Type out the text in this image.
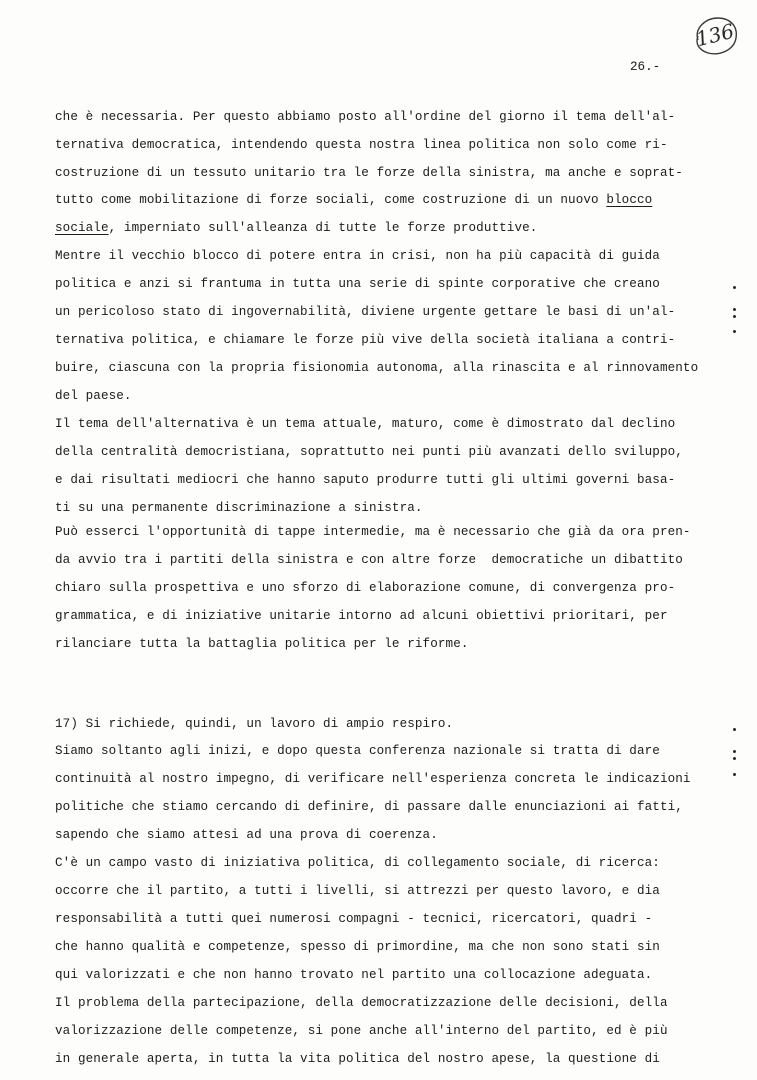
136
26.-
che è necessaria. Per questo abbiamo posto all'ordine del giorno il tema dell'al-
ternativa democratica, intendendo questa nostra linea politica non solo come ri-
costruzione di un tessuto unitario tra le forze della sinistra, ma anche e soprat-
tutto come mobilitazione di forze sociali, come costruzione di un nuovo blocco
sociale, imperniato sull'alleanza di tutte le forze produttive.
Mentre il vecchio blocco di potere entra in crisi, non ha più capacità di guida
politica e anzi si frantuma in tutta una serie di spinte corporative che creano
un pericoloso stato di ingovernabilità, diviene urgente gettare le basi di un'al-
ternativa politica, e chiamare le forze più vive della società italiana a contri-
buire, ciascuna con la propria fisionomia autonoma, alla rinascita e al rinnovamento
del paese.
Il tema dell'alternativa è un tema attuale, maturo, come è dimostrato dal declino
della centralità democristiana, soprattutto nei punti più avanzati dello sviluppo,
e dai risultati mediocri che hanno saputo produrre tutti gli ultimi governi basa-
ti su una permanente discriminazione a sinistra.
Può esserci l'opportunità di tappe intermedie, ma è necessario che già da ora pren-
da avvio tra i partiti della sinistra e con altre forze  democratiche un dibattito
chiaro sulla prospettiva e uno sforzo di elaborazione comune, di convergenza pro-
grammatica, e di iniziative unitarie intorno ad alcuni obiettivi prioritari, per
rilanciare tutta la battaglia politica per le riforme.
17) Si richiede, quindi, un lavoro di ampio respiro.
Siamo soltanto agli inizi, e dopo questa conferenza nazionale si tratta di dare
continuità al nostro impegno, di verificare nell'esperienza concreta le indicazioni
politiche che stiamo cercando di definire, di passare dalle enunciazioni ai fatti,
sapendo che siamo attesi ad una prova di coerenza.
C'è un campo vasto di iniziativa politica, di collegamento sociale, di ricerca:
occorre che il partito, a tutti i livelli, si attrezzi per questo lavoro, e dia
responsabilità a tutti quei numerosi compagni - tecnici, ricercatori, quadri -
che hanno qualità e competenze, spesso di primordine, ma che non sono stati sin
qui valorizzati e che non hanno trovato nel partito una collocazione adeguata.
Il problema della partecipazione, della democratizzazione delle decisioni, della
valorizzazione delle competenze, si pone anche all'interno del partito, ed è più
in generale aperta, in tutta la vita politica del nostro apese, la questione di
